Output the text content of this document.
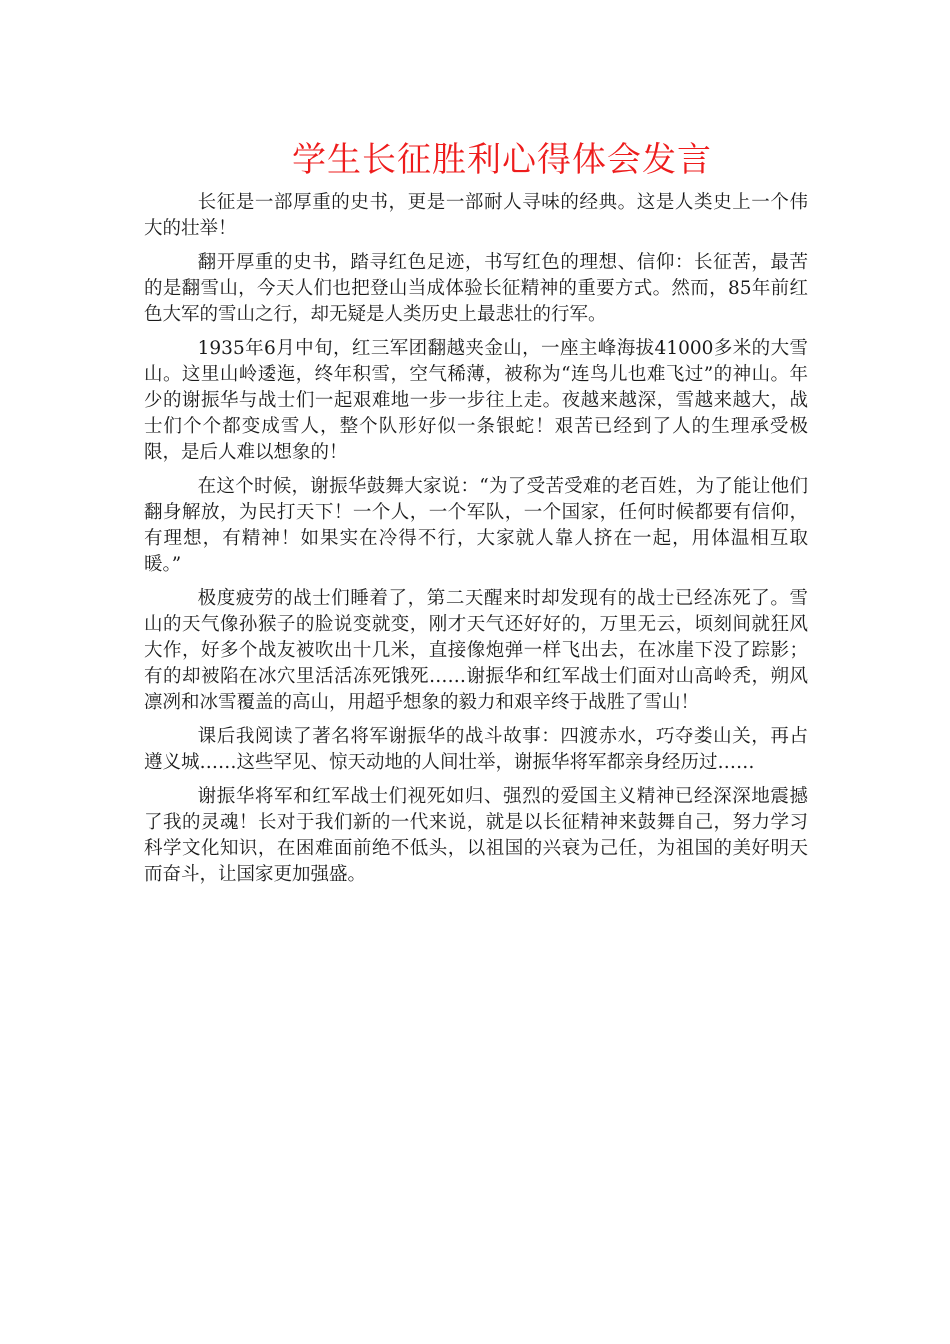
学生长征胜利心得体会发言

长征是一部厚重的史书，更是一部耐人寻味的经典。这是人类史上一个伟大的壮举！

翻开厚重的史书，踏寻红色足迹，书写红色的理想、信仰：长征苦，最苦的是翻雪山，今天人们也把登山当成体验长征精神的重要方式。然而，85年前红色大军的雪山之行，却无疑是人类历史上最悲壮的行军。

1935年6月中旬，红三军团翻越夹金山，一座主峰海拔41000多米的大雪山。这里山岭逶迤，终年积雪，空气稀薄，被称为“连鸟儿也难飞过”的神山。年少的谢振华与战士们一起艰难地一步一步往上走。夜越来越深，雪越来越大，战士们个个都变成雪人，整个队形好似一条银蛇！艰苦已经到了人的生理承受极限，是后人难以想象的！

在这个时候，谢振华鼓舞大家说：“为了受苦受难的老百姓，为了能让他们翻身解放，为民打天下！一个人，一个军队，一个国家，任何时候都要有信仰，有理想，有精神！如果实在冷得不行，大家就人靠人挤在一起，用体温相互取暖。”

极度疲劳的战士们睡着了，第二天醒来时却发现有的战士已经冻死了。雪山的天气像孙猴子的脸说变就变，刚才天气还好好的，万里无云，顷刻间就狂风大作，好多个战友被吹出十几米，直接像炮弹一样飞出去，在冰崖下没了踪影；有的却被陷在冰穴里活活冻死饿死……谢振华和红军战士们面对山高岭秃，朔风凛冽和冰雪覆盖的高山，用超乎想象的毅力和艰辛终于战胜了雪山！

课后我阅读了著名将军谢振华的战斗故事：四渡赤水，巧夺娄山关，再占遵义城……这些罕见、惊天动地的人间壮举，谢振华将军都亲身经历过……

谢振华将军和红军战士们视死如归、强烈的爱国主义精神已经深深地震撼了我的灵魂！长对于我们新的一代来说，就是以长征精神来鼓舞自己，努力学习科学文化知识，在困难面前绝不低头，以祖国的兴衰为己任，为祖国的美好明天而奋斗，让国家更加强盛。
